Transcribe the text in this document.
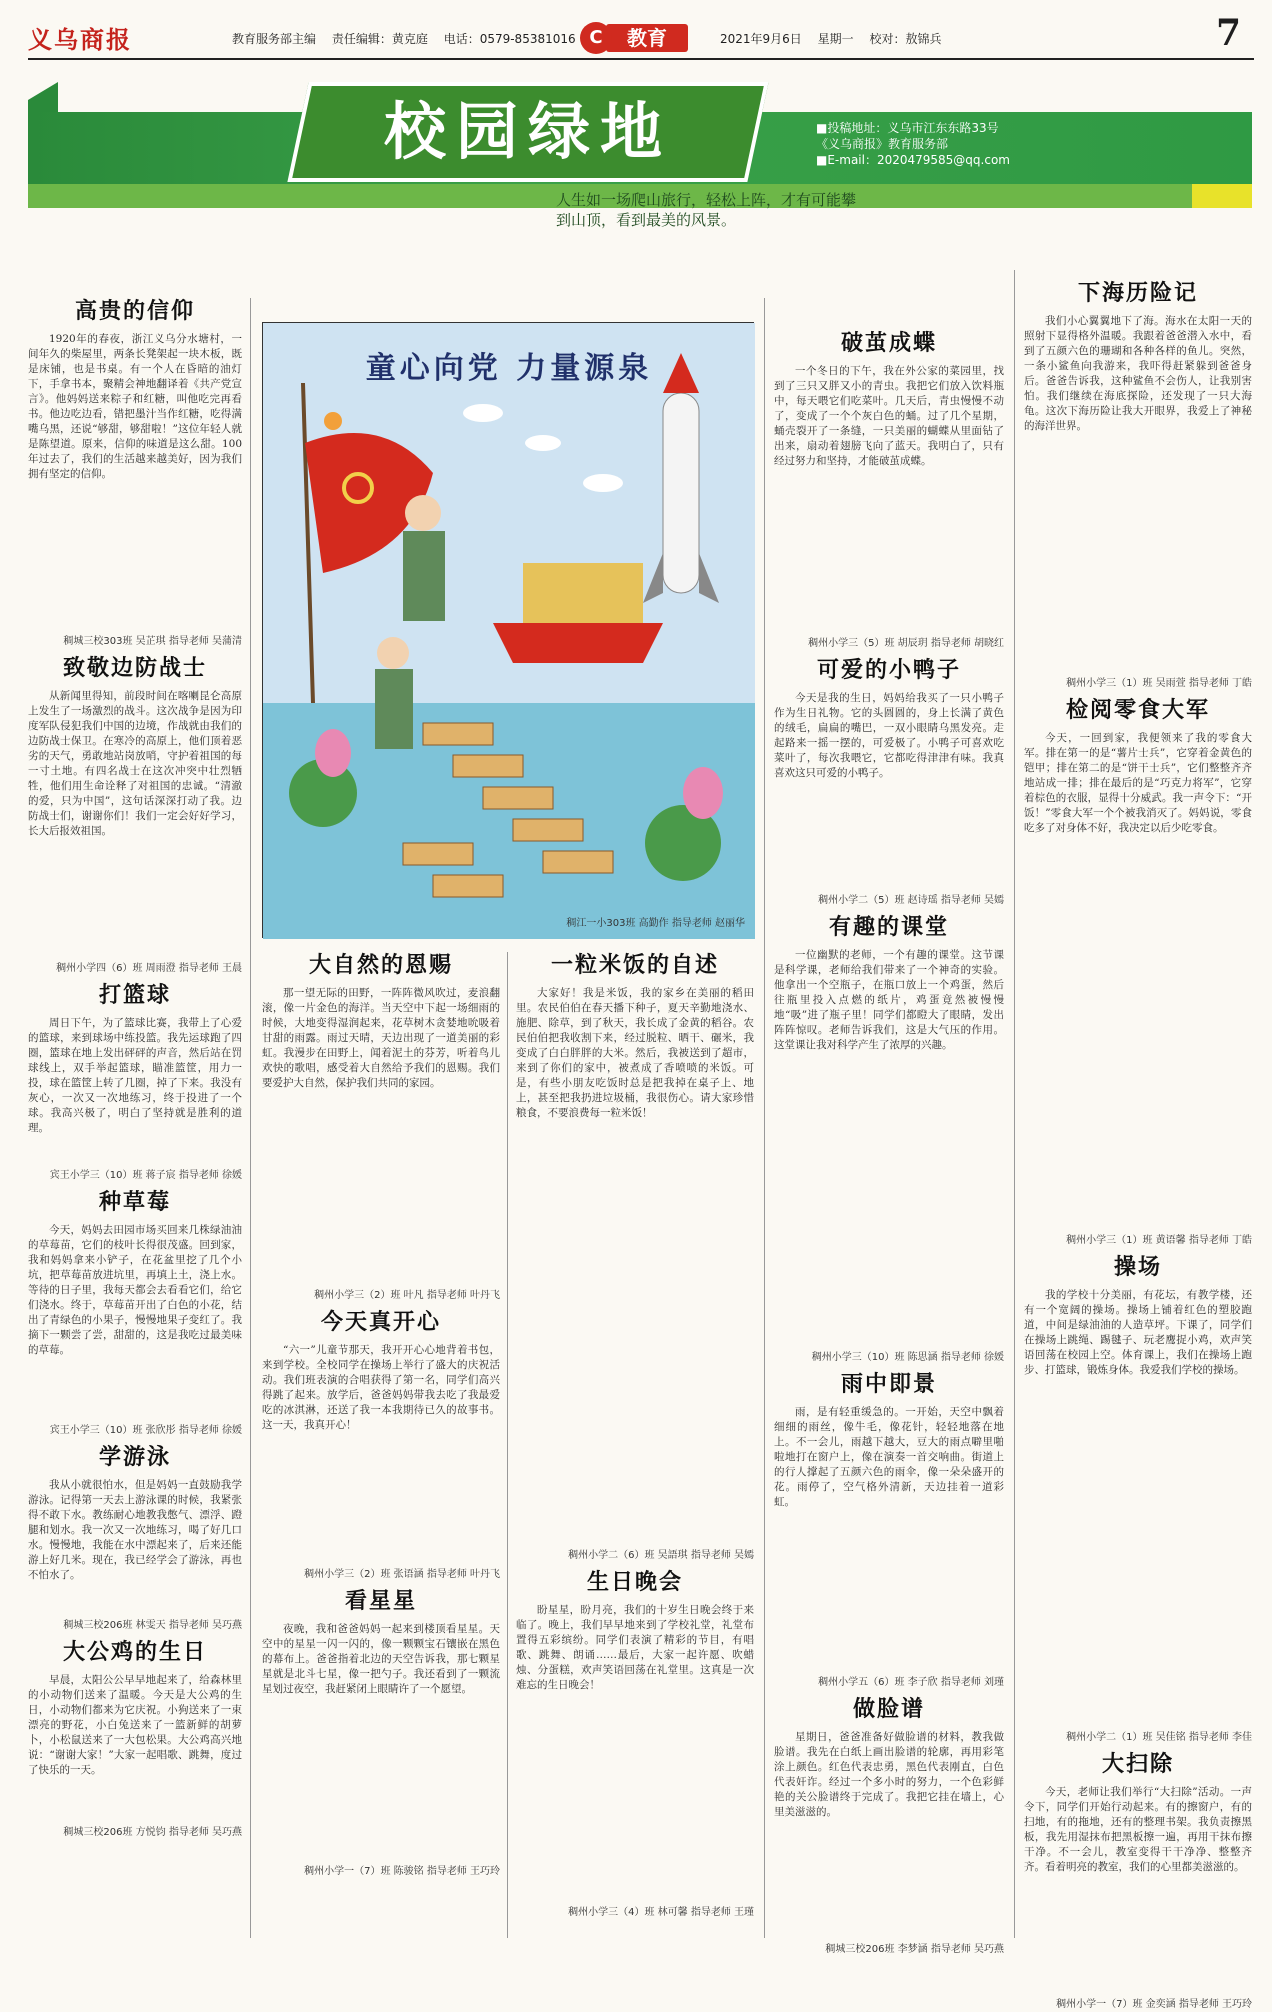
义乌商报	教育服务部主编 责任编辑：黄克庭 电话：0579-85381016	教育
C	2021年9月6日 星期一 校对：敖锦兵	7
校园绿地	■投稿地址：义乌市江东东路33号
《义乌商报》教育服务部
■E-mail：2020479585@qq.com
人生如一场爬山旅行，轻松上阵，才有可能攀到山顶，看到最美的风景。
高贵的信仰
1920年的春夜，浙江义乌分水塘村，一间年久的柴屋里，两条长凳架起一块木板，既是床铺，也是书桌。有一个人在昏暗的油灯下，手拿书本，聚精会神地翻译着《共产党宣言》。他妈妈送来粽子和红糖，叫他吃完再看书。他边吃边看，错把墨汁当作红糖，吃得满嘴乌黑，还说“够甜，够甜啦！”这位年轻人就是陈望道。原来，信仰的味道是这么甜。100年过去了，我们的生活越来越美好，因为我们拥有坚定的信仰。
稠城三校303班 吴芷琪 指导老师 吴蒲清
致敬边防战士
从新闻里得知，前段时间在喀喇昆仑高原上发生了一场激烈的战斗。这次战争是因为印度军队侵犯我们中国的边境，作战就由我们的边防战士保卫。在寒冷的高原上，他们顶着恶劣的天气，勇敢地站岗放哨，守护着祖国的每一寸土地。有四名战士在这次冲突中壮烈牺牲，他们用生命诠释了对祖国的忠诚。“清澈的爱，只为中国”，这句话深深打动了我。边防战士们，谢谢你们！我们一定会好好学习，长大后报效祖国。
稠州小学四（6）班 周雨澄 指导老师 王晨
打篮球
周日下午，为了篮球比赛，我带上了心爱的篮球，来到球场中练投篮。我先运球跑了四圈，篮球在地上发出砰砰的声音，然后站在罚球线上，双手举起篮球，瞄准篮筐，用力一投，球在篮筐上转了几圈，掉了下来。我没有灰心，一次又一次地练习，终于投进了一个球。我高兴极了，明白了坚持就是胜利的道理。
宾王小学三（10）班 蒋子宸 指导老师 徐媛
种草莓
今天，妈妈去田园市场买回来几株绿油油的草莓苗，它们的枝叶长得很茂盛。回到家，我和妈妈拿来小铲子，在花盆里挖了几个小坑，把草莓苗放进坑里，再填上土，浇上水。等待的日子里，我每天都会去看看它们，给它们浇水。终于，草莓苗开出了白色的小花，结出了青绿色的小果子，慢慢地果子变红了。我摘下一颗尝了尝，甜甜的，这是我吃过最美味的草莓。
宾王小学三（10）班 张欣彤 指导老师 徐媛
学游泳
我从小就很怕水，但是妈妈一直鼓励我学游泳。记得第一天去上游泳课的时候，我紧张得不敢下水。教练耐心地教我憋气、漂浮、蹬腿和划水。我一次又一次地练习，喝了好几口水。慢慢地，我能在水中漂起来了，后来还能游上好几米。现在，我已经学会了游泳，再也不怕水了。
稠城三校206班 林雯天 指导老师 吴巧燕
大公鸡的生日
早晨，太阳公公早早地起来了，给森林里的小动物们送来了温暖。今天是大公鸡的生日，小动物们都来为它庆祝。小狗送来了一束漂亮的野花，小白兔送来了一篮新鲜的胡萝卜，小松鼠送来了一大包松果。大公鸡高兴地说：“谢谢大家！”大家一起唱歌、跳舞，度过了快乐的一天。
稠城三校206班 方悦钧 指导老师 吴巧燕
童心向党 力量源泉
稠江一小303班 高勤作 指导老师 赵丽华
大自然的恩赐
那一望无际的田野，一阵阵微风吹过，麦浪翻滚，像一片金色的海洋。当天空中下起一场细雨的时候，大地变得湿润起来，花草树木贪婪地吮吸着甘甜的雨露。雨过天晴，天边出现了一道美丽的彩虹。我漫步在田野上，闻着泥土的芬芳，听着鸟儿欢快的歌唱，感受着大自然给予我们的恩赐。我们要爱护大自然，保护我们共同的家园。
稠州小学三（2）班 叶凡 指导老师 叶丹飞
今天真开心
“六一”儿童节那天，我开开心心地背着书包，来到学校。全校同学在操场上举行了盛大的庆祝活动。我们班表演的合唱获得了第一名，同学们高兴得跳了起来。放学后，爸爸妈妈带我去吃了我最爱吃的冰淇淋，还送了我一本我期待已久的故事书。这一天，我真开心！
稠州小学三（2）班 张语涵 指导老师 叶丹飞
看星星
夜晚，我和爸爸妈妈一起来到楼顶看星星。天空中的星星一闪一闪的，像一颗颗宝石镶嵌在黑色的幕布上。爸爸指着北边的天空告诉我，那七颗星星就是北斗七星，像一把勺子。我还看到了一颗流星划过夜空，我赶紧闭上眼睛许了一个愿望。
稠州小学一（7）班 陈骏铭 指导老师 王巧玲
一粒米饭的自述
大家好！我是米饭，我的家乡在美丽的稻田里。农民伯伯在春天播下种子，夏天辛勤地浇水、施肥、除草，到了秋天，我长成了金黄的稻谷。农民伯伯把我收割下来，经过脱粒、晒干、碾米，我变成了白白胖胖的大米。然后，我被送到了超市，来到了你们的家中，被煮成了香喷喷的米饭。可是，有些小朋友吃饭时总是把我掉在桌子上、地上，甚至把我扔进垃圾桶，我很伤心。请大家珍惜粮食，不要浪费每一粒米饭！
稠州小学二（6）班 吴語琪 指导老师 吴嫣
生日晚会
盼星星，盼月亮，我们的十岁生日晚会终于来临了。晚上，我们早早地来到了学校礼堂，礼堂布置得五彩缤纷。同学们表演了精彩的节目，有唱歌、跳舞、朗诵……最后，大家一起许愿、吹蜡烛、分蛋糕，欢声笑语回荡在礼堂里。这真是一次难忘的生日晚会！
稠州小学三（4）班 林可馨 指导老师 王瑾
破茧成蝶
一个冬日的下午，我在外公家的菜园里，找到了三只又胖又小的青虫。我把它们放入饮料瓶中，每天喂它们吃菜叶。几天后，青虫慢慢不动了，变成了一个个灰白色的蛹。过了几个星期，蛹壳裂开了一条缝，一只美丽的蝴蝶从里面钻了出来，扇动着翅膀飞向了蓝天。我明白了，只有经过努力和坚持，才能破茧成蝶。
稠州小学三（5）班 胡辰玥 指导老师 胡晓红
可爱的小鸭子
今天是我的生日，妈妈给我买了一只小鸭子作为生日礼物。它的头圆圆的，身上长满了黄色的绒毛，扁扁的嘴巴，一双小眼睛乌黑发亮。走起路来一摇一摆的，可爱极了。小鸭子可喜欢吃菜叶了，每次我喂它，它都吃得津津有味。我真喜欢这只可爱的小鸭子。
稠州小学二（5）班 赵诗瑶 指导老师 吴嫣
有趣的课堂
一位幽默的老师，一个有趣的课堂。这节课是科学课，老师给我们带来了一个神奇的实验。他拿出一个空瓶子，在瓶口放上一个鸡蛋，然后往瓶里投入点燃的纸片，鸡蛋竟然被慢慢地“吸”进了瓶子里！同学们都瞪大了眼睛，发出阵阵惊叹。老师告诉我们，这是大气压的作用。这堂课让我对科学产生了浓厚的兴趣。
稠州小学三（10）班 陈思涵 指导老师 徐媛
雨中即景
雨，是有轻重缓急的。一开始，天空中飘着细细的雨丝，像牛毛，像花针，轻轻地落在地上。不一会儿，雨越下越大，豆大的雨点噼里啪啦地打在窗户上，像在演奏一首交响曲。街道上的行人撑起了五颜六色的雨伞，像一朵朵盛开的花。雨停了，空气格外清新，天边挂着一道彩虹。
稠州小学五（6）班 李子欣 指导老师 刘瑾
做脸谱
星期日，爸爸准备好做脸谱的材料，教我做脸谱。我先在白纸上画出脸谱的轮廓，再用彩笔涂上颜色。红色代表忠勇，黑色代表刚直，白色代表奸诈。经过一个多小时的努力，一个色彩鲜艳的关公脸谱终于完成了。我把它挂在墙上，心里美滋滋的。
稠城三校206班 李梦涵 指导老师 吴巧燕
下海历险记
我们小心翼翼地下了海。海水在太阳一天的照射下显得格外温暖。我跟着爸爸潜入水中，看到了五颜六色的珊瑚和各种各样的鱼儿。突然，一条小鲨鱼向我游来，我吓得赶紧躲到爸爸身后。爸爸告诉我，这种鲨鱼不会伤人，让我别害怕。我们继续在海底探险，还发现了一只大海龟。这次下海历险让我大开眼界，我爱上了神秘的海洋世界。
稠州小学三（1）班 吴雨萱 指导老师 丁皓
检阅零食大军
今天，一回到家，我便领来了我的零食大军。排在第一的是“薯片士兵”，它穿着金黄色的铠甲；排在第二的是“饼干士兵”，它们整整齐齐地站成一排；排在最后的是“巧克力将军”，它穿着棕色的衣服，显得十分威武。我一声令下：“开饭！”零食大军一个个被我消灭了。妈妈说，零食吃多了对身体不好，我决定以后少吃零食。
稠州小学三（1）班 黄语馨 指导老师 丁皓
操场
我的学校十分美丽，有花坛，有教学楼，还有一个宽阔的操场。操场上铺着红色的塑胶跑道，中间是绿油油的人造草坪。下课了，同学们在操场上跳绳、踢毽子、玩老鹰捉小鸡，欢声笑语回荡在校园上空。体育课上，我们在操场上跑步、打篮球，锻炼身体。我爱我们学校的操场。
稠州小学二（1）班 吴佳铭 指导老师 李佳
大扫除
今天，老师让我们举行“大扫除”活动。一声令下，同学们开始行动起来。有的擦窗户，有的扫地，有的拖地，还有的整理书架。我负责擦黑板，我先用湿抹布把黑板擦一遍，再用干抹布擦干净。不一会儿，教室变得干干净净、整整齐齐。看着明亮的教室，我们的心里都美滋滋的。
稠州小学一（7）班 金奕涵 指导老师 王巧玲
